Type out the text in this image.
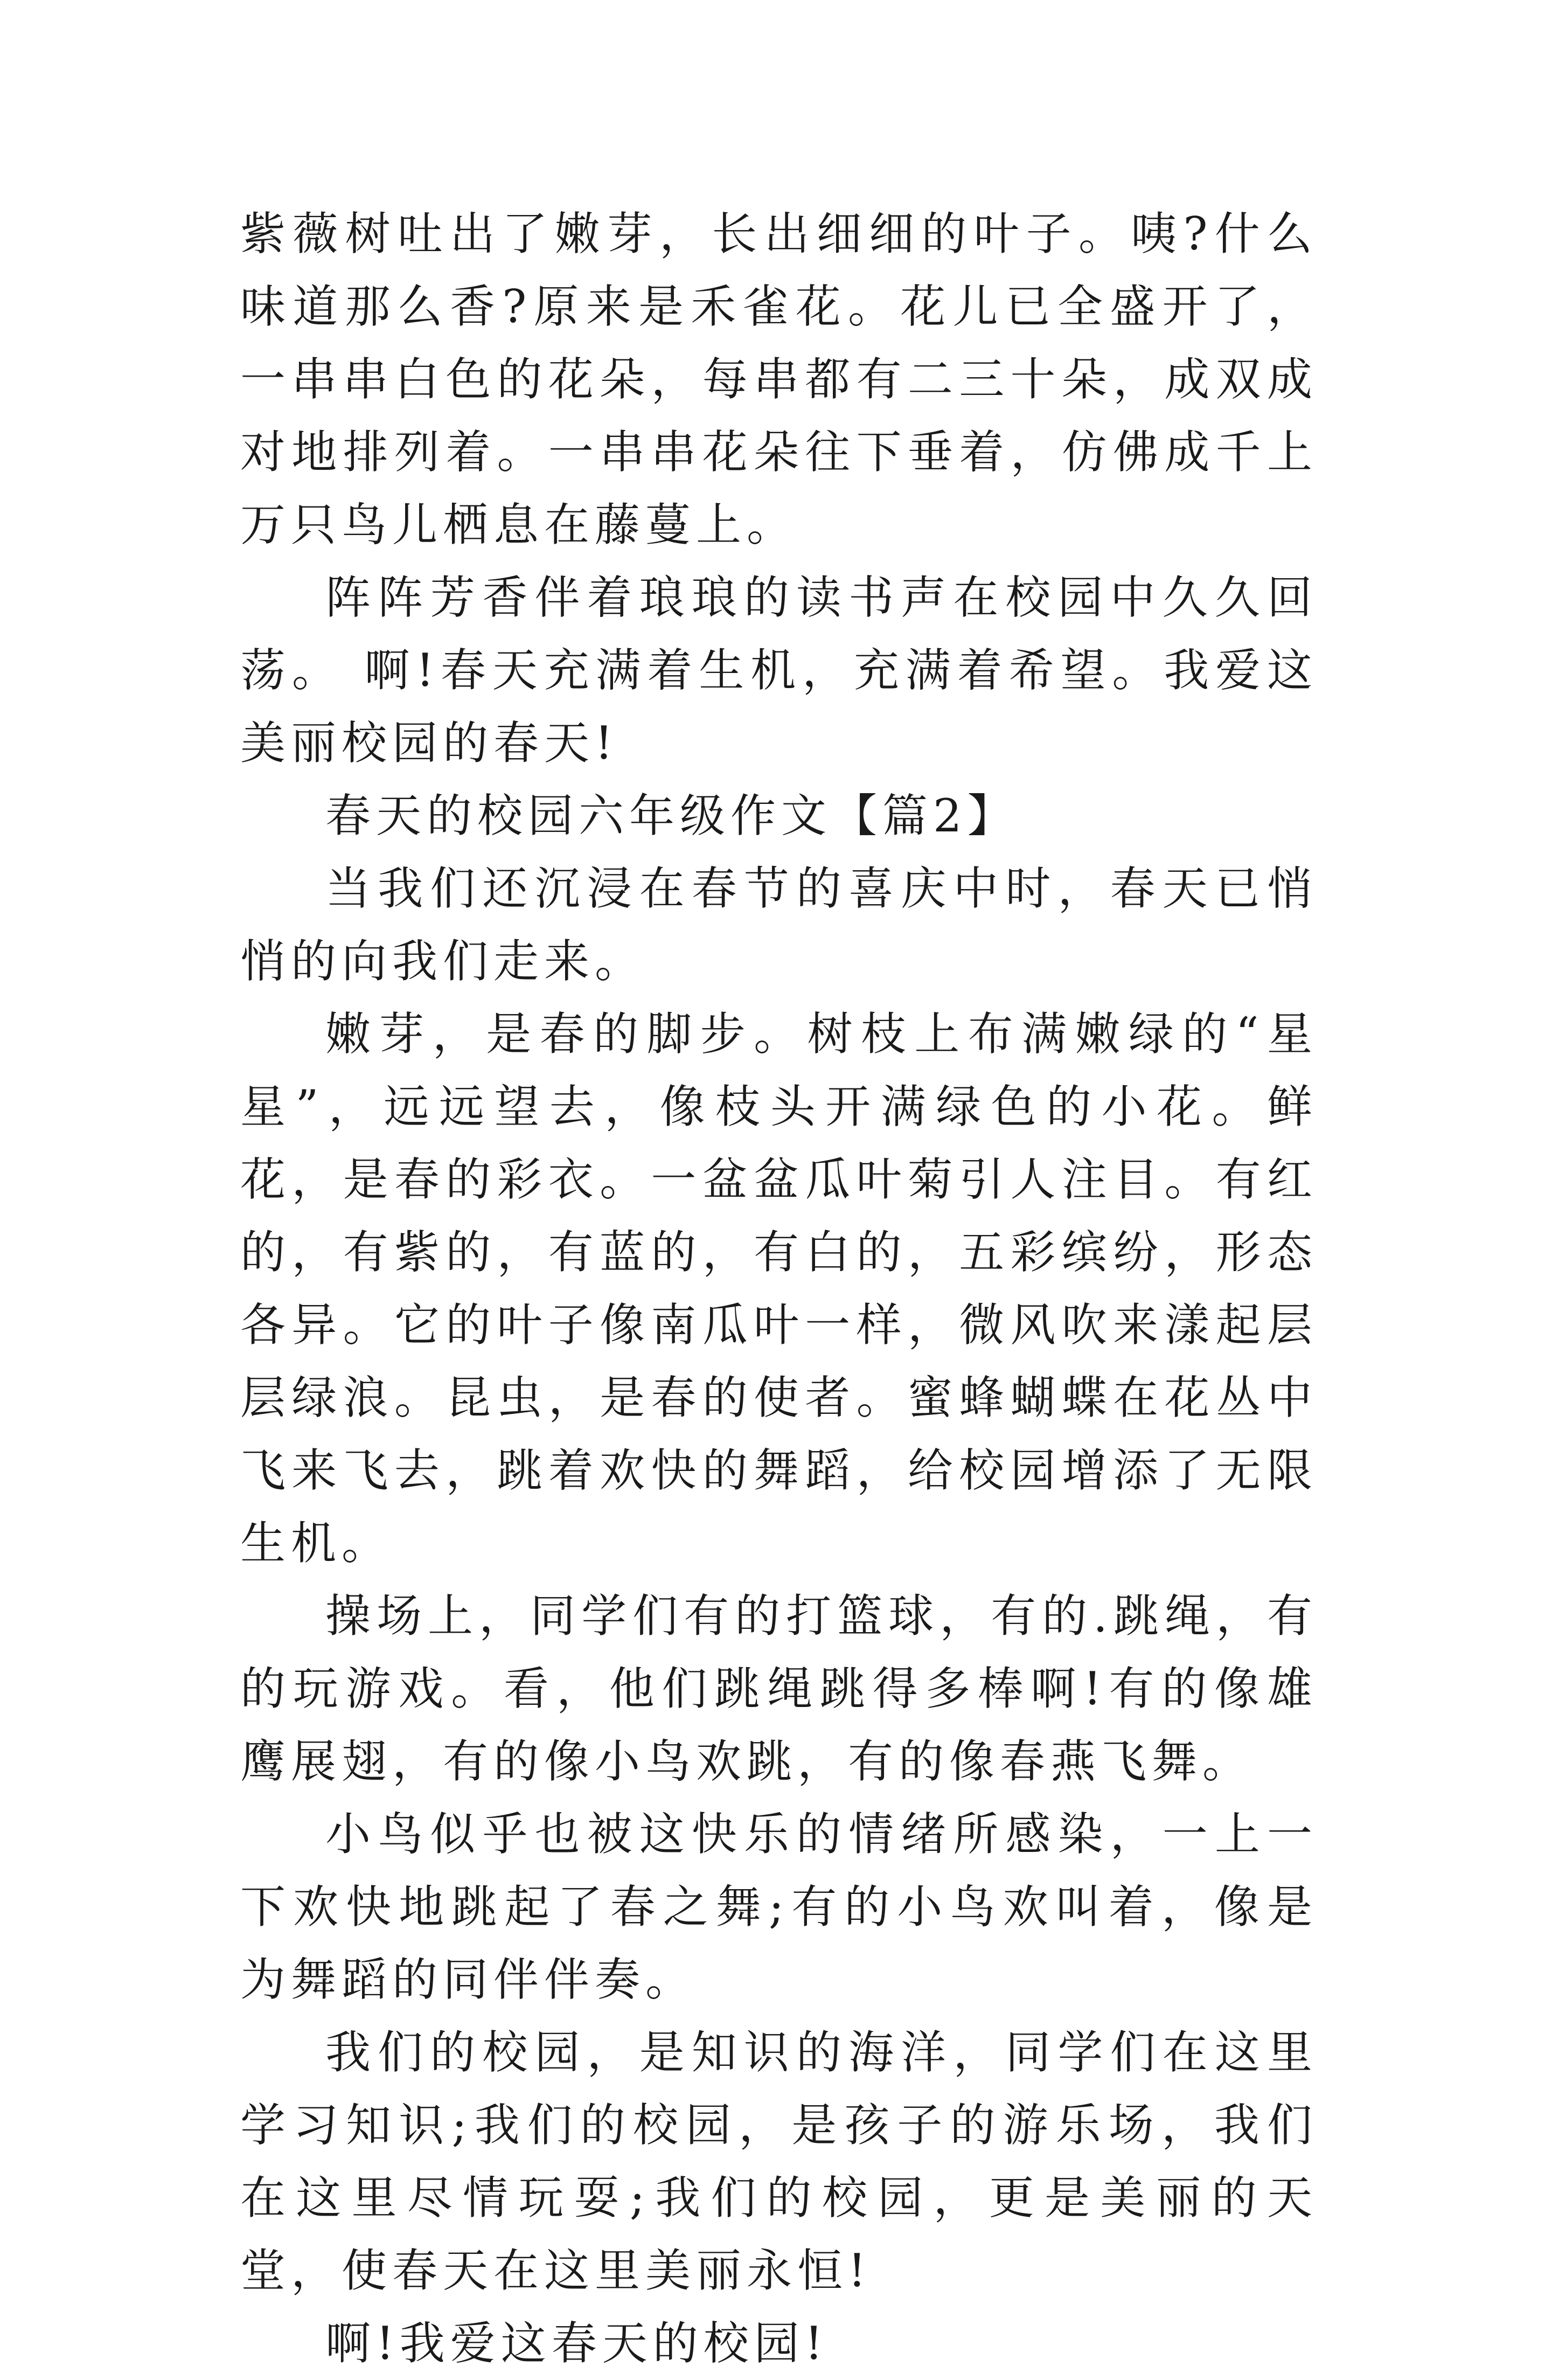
紫薇树吐出了嫩芽，长出细细的叶子。咦?什么味道那么香?原来是禾雀花。花儿已全盛开了，一串串白色的花朵，每串都有二三十朵，成双成对地排列着。一串串花朵往下垂着，仿佛成千上万只鸟儿栖息在藤蔓上。

阵阵芳香伴着琅琅的读书声在校园中久久回荡。 啊!春天充满着生机，充满着希望。我爱这美丽校园的春天!

春天的校园六年级作文【篇2】

当我们还沉浸在春节的喜庆中时，春天已悄悄的向我们走来。

嫩芽，是春的脚步。树枝上布满嫩绿的“星星”，远远望去，像枝头开满绿色的小花。鲜花，是春的彩衣。一盆盆瓜叶菊引人注目。有红的，有紫的，有蓝的，有白的，五彩缤纷，形态各异。它的叶子像南瓜叶一样，微风吹来漾起层层绿浪。昆虫，是春的使者。蜜蜂蝴蝶在花丛中飞来飞去，跳着欢快的舞蹈，给校园增添了无限生机。

操场上，同学们有的打篮球，有的.跳绳，有的玩游戏。看，他们跳绳跳得多棒啊!有的像雄鹰展翅，有的像小鸟欢跳，有的像春燕飞舞。

小鸟似乎也被这快乐的情绪所感染，一上一下欢快地跳起了春之舞;有的小鸟欢叫着，像是为舞蹈的同伴伴奏。

我们的校园，是知识的海洋，同学们在这里学习知识;我们的校园，是孩子的游乐场，我们在这里尽情玩耍;我们的校园，更是美丽的天堂，使春天在这里美丽永恒!

啊!我爱这春天的校园!
